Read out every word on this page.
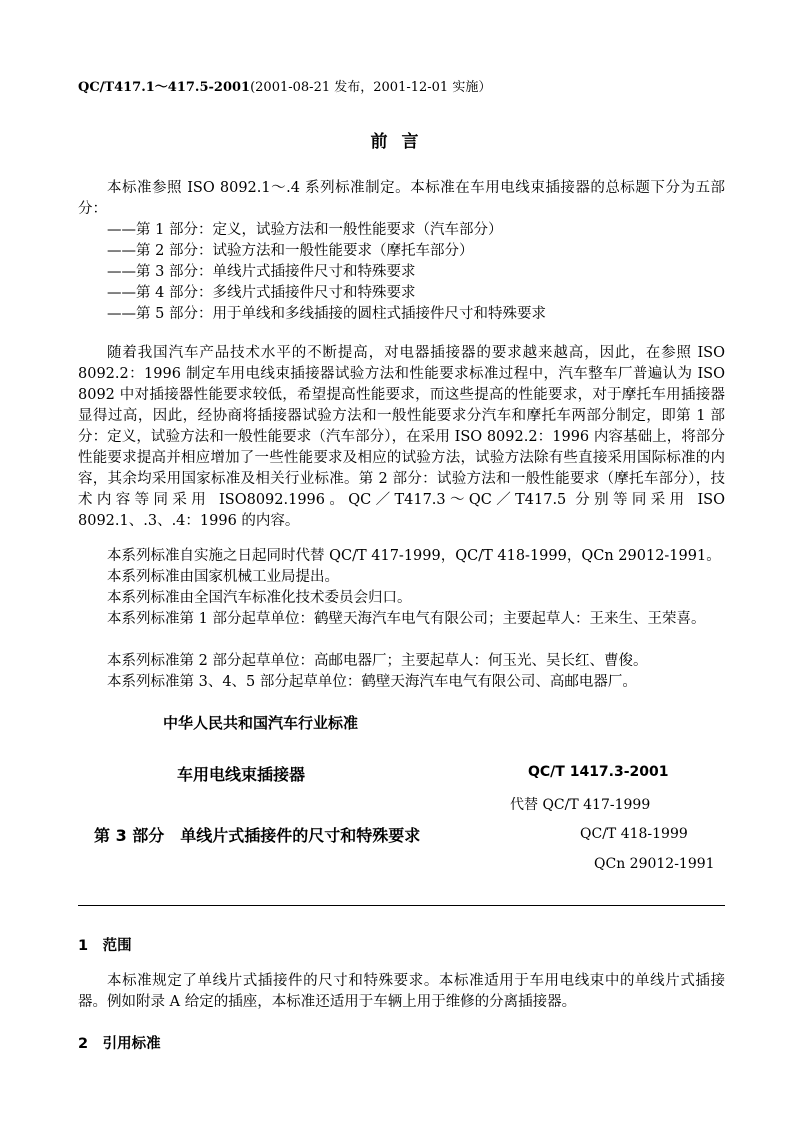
QC/T417.1～417.5-2001(2001-08-21 发布，2001-12-01 实施）
前 言
本标准参照 ISO 8092.1～.4 系列标准制定。本标准在车用电线束插接器的总标题下分为五部分：
——第 1 部分：定义，试验方法和一般性能要求（汽车部分）
——第 2 部分：试验方法和一般性能要求（摩托车部分）
——第 3 部分：单线片式插接件尺寸和特殊要求
——第 4 部分：多线片式插接件尺寸和特殊要求
——第 5 部分：用于单线和多线插接的圆柱式插接件尺寸和特殊要求
随着我国汽车产品技术水平的不断提高，对电器插接器的要求越来越高，因此，在参照 ISO 8092.2：1996 制定车用电线束插接器试验方法和性能要求标准过程中，汽车整车厂普遍认为 ISO 8092 中对插接器性能要求较低，希望提高性能要求，而这些提高的性能要求，对于摩托车用插接器显得过高，因此，经协商将插接器试验方法和一般性能要求分汽车和摩托车两部分制定，即第 1 部分：定义，试验方法和一般性能要求（汽车部分），在采用 ISO 8092.2：1996 内容基础上，将部分性能要求提高并相应增加了一些性能要求及相应的试验方法，试验方法除有些直接采用国际标准的内容，其余均采用国家标准及相关行业标准。第 2 部分：试验方法和一般性能要求（摩托车部分），技术内容等同采用 ISO8092.1996。QC／T417.3～QC／T417.5 分别等同采用 ISO 8092.1、.3、.4：1996 的内容。
本系列标准自实施之日起同时代替 QC/T 417-1999，QC/T 418-1999，QCn 29012-1991。
本系列标准由国家机械工业局提出。
本系列标准由全国汽车标准化技术委员会归口。
本系列标准第 1 部分起草单位：鹤壁天海汽车电气有限公司；主要起草人：王来生、王荣喜。
本系列标准第 2 部分起草单位：高邮电器厂；主要起草人：何玉光、吴长红、曹俊。
本系列标准第 3、4、5 部分起草单位：鹤壁天海汽车电气有限公司、高邮电器厂。
中华人民共和国汽车行业标准
车用电线束插接器	QC/T 1417.3-2001
代替 QC/T 417-1999
第 3 部分　单线片式插接件的尺寸和特殊要求	QC/T 418-1999
QCn 29012-1991
1　范围
本标准规定了单线片式插接件的尺寸和特殊要求。本标准适用于车用电线束中的单线片式插接器。例如附录 A 给定的插座，本标准还适用于车辆上用于维修的分离插接器。
2　引用标准
